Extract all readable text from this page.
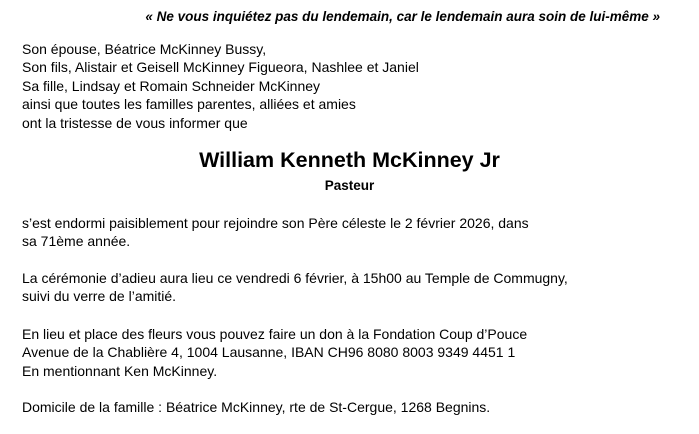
« Ne vous inquiétez pas du lendemain, car le lendemain aura soin de lui-même »
Son épouse, Béatrice McKinney Bussy,
Son fils, Alistair et Geisell McKinney Figueora, Nashlee et Janiel
Sa fille, Lindsay et Romain Schneider McKinney
ainsi que toutes les familles parentes, alliées et amies
ont la tristesse de vous informer que
William Kenneth McKinney Jr
Pasteur
s’est endormi paisiblement pour rejoindre son Père céleste le 2 février 2026, dans
sa 71ème année.
La cérémonie d’adieu aura lieu ce vendredi 6 février, à 15h00 au Temple de Commugny,
suivi du verre de l’amitié.
En lieu et place des fleurs vous pouvez faire un don à la Fondation Coup d’Pouce
Avenue de la Chablière 4, 1004 Lausanne, IBAN CH96 8080 8003 9349 4451 1
En mentionnant Ken McKinney.
Domicile de la famille : Béatrice McKinney, rte de St-Cergue, 1268 Begnins.
